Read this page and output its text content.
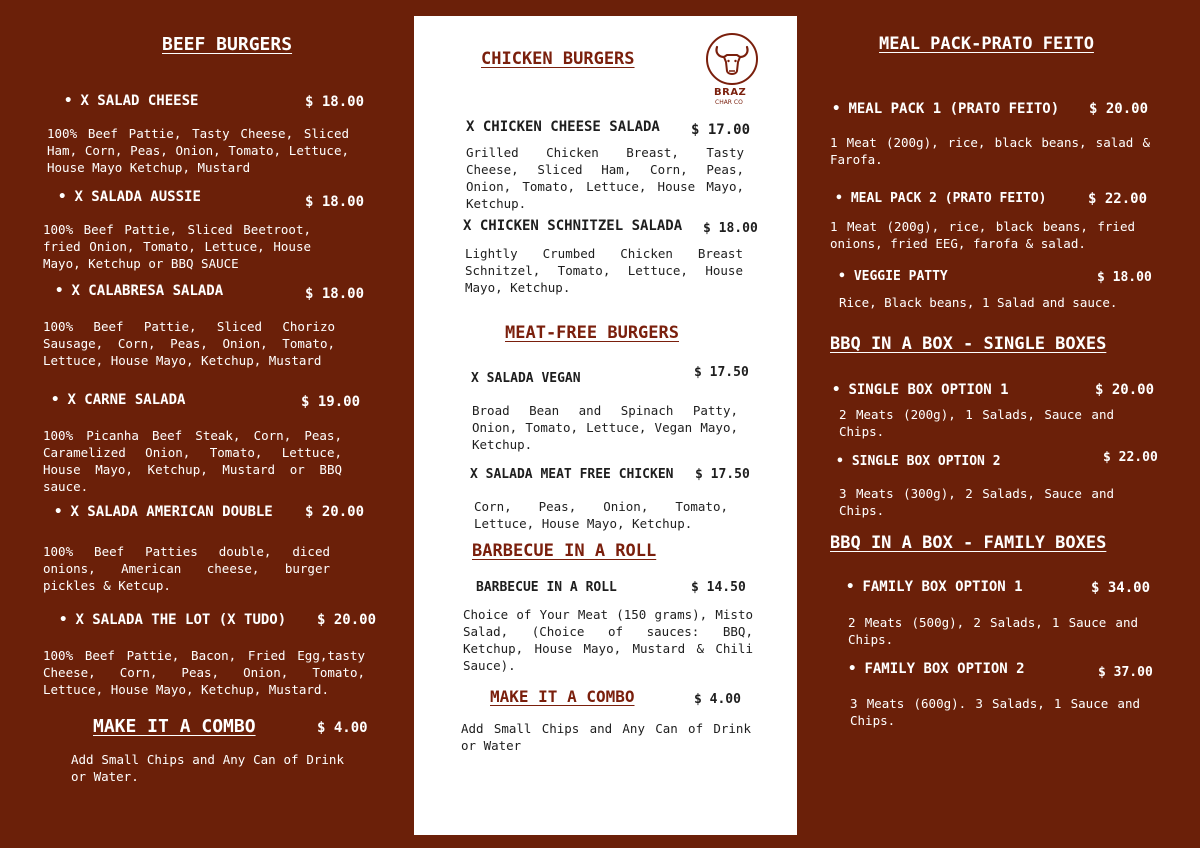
BEEF BURGERS
• X SALAD CHEESE	$ 18.00
100% Beef Pattie, Tasty Cheese, Sliced Ham, Corn, Peas, Onion, Tomato, Lettuce, House Mayo Ketchup, Mustard
• X SALADA AUSSIE	$ 18.00
100% Beef Pattie, Sliced Beetroot, fried Onion, Tomato, Lettuce, House Mayo, Ketchup or BBQ SAUCE
• X CALABRESA SALADA	$ 18.00
100% Beef Pattie, Sliced Chorizo Sausage, Corn, Peas, Onion, Tomato, Lettuce, House Mayo, Ketchup, Mustard
• X CARNE SALADA	$ 19.00
100% Picanha Beef Steak, Corn, Peas, Caramelized Onion, Tomato, Lettuce, House Mayo, Ketchup, Mustard or BBQ sauce.
• X SALADA AMERICAN DOUBLE $ 20.00
100% Beef Patties double, diced onions, American cheese, burger pickles & Ketcup.
• X SALADA THE LOT (X TUDO) $ 20.00
100% Beef Pattie, Bacon, Fried Egg,tasty Cheese, Corn, Peas, Onion, Tomato, Lettuce, House Mayo, Ketchup, Mustard.
MAKE IT A COMBO	$ 4.00
Add Small Chips and Any Can of Drink or Water.
CHICKEN BURGERS
BRAZ
CHAR CO
X CHICKEN CHEESE SALADA $ 17.00
Grilled Chicken Breast, Tasty Cheese, Sliced Ham, Corn, Peas, Onion, Tomato, Lettuce, House Mayo, Ketchup.
X CHICKEN SCHNITZEL SALADA $ 18.00
Lightly Crumbed Chicken Breast Schnitzel, Tomato, Lettuce, House Mayo, Ketchup.
MEAT-FREE BURGERS
X SALADA VEGAN	$ 17.50
Broad Bean and Spinach Patty, Onion, Tomato, Lettuce, Vegan Mayo, Ketchup.
X SALADA MEAT FREE CHICKEN $ 17.50
Corn, Peas, Onion, Tomato, Lettuce, House Mayo, Ketchup.
BARBECUE IN A ROLL
BARBECUE IN A ROLL	$ 14.50
Choice of Your Meat (150 grams), Misto Salad, (Choice of sauces: BBQ, Ketchup, House Mayo, Mustard & Chili Sauce).
MAKE IT A COMBO	$ 4.00
Add Small Chips and Any Can of Drink or Water
MEAL PACK-PRATO FEITO
• MEAL PACK 1 (PRATO FEITO) $ 20.00
1 Meat (200g), rice, black beans, salad & Farofa.
• MEAL PACK 2 (PRATO FEITO)	$ 22.00
1 Meat (200g), rice, black beans, fried onions, fried EEG, farofa & salad.
• VEGGIE PATTY	$ 18.00
Rice, Black beans, 1 Salad and sauce.
BBQ IN A BOX - SINGLE BOXES
• SINGLE BOX OPTION 1	$ 20.00
2 Meats (200g), 1 Salads, Sauce and Chips.
• SINGLE BOX OPTION 2	$ 22.00
3 Meats (300g), 2 Salads, Sauce and Chips.
BBQ IN A BOX - FAMILY BOXES
• FAMILY BOX OPTION 1	$ 34.00
2 Meats (500g), 2 Salads, 1 Sauce and Chips.
• FAMILY BOX OPTION 2	$ 37.00
3 Meats (600g). 3 Salads, 1 Sauce and Chips.
